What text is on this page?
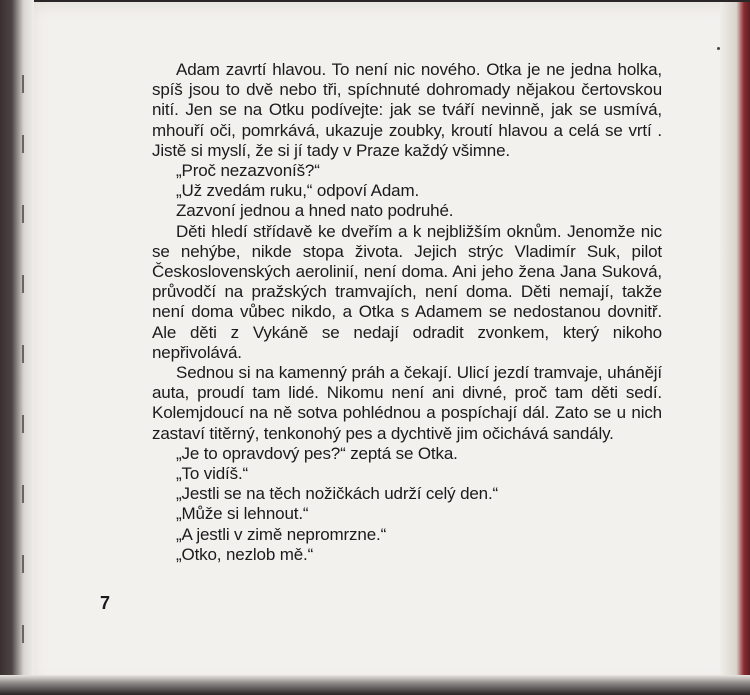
Adam zavrtí hlavou. To není nic nového. Otka je ne jedna holka, spíš jsou to dvě nebo tři, spíchnuté dohromady nějakou čertovskou nití. Jen se na Otku podívejte: jak se tváří nevinně, jak se usmívá, mhouří oči, pomrkává, ukazuje zoubky, kroutí hlavou a celá se vrtí . Jistě si myslí, že si jí tady v Praze každý všimne.

„Proč nezazvoníš?“

„Už zvedám ruku,“ odpoví Adam.

Zazvoní jednou a hned nato podruhé.

Děti hledí střídavě ke dveřím a k nejbližším oknům. Jenomže nic se nehýbe, nikde stopa života. Jejich strýc Vladimír Suk, pilot Československých aerolinií, není doma. Ani jeho žena Jana Suková, průvodčí na pražských tramvajích, není doma. Děti nemají, takže není doma vůbec nikdo, a Otka s Adamem se nedostanou dovnitř. Ale děti z Vykáně se nedají odradit zvonkem, který nikoho nepřivolává.

Sednou si na kamenný práh a čekají. Ulicí jezdí tramvaje, uhánějí auta, proudí tam lidé. Nikomu není ani divné, proč tam děti sedí. Kolemjdoucí na ně sotva pohlédnou a pospíchají dál. Zato se u nich zastaví titěrný, tenkonohý pes a dychtivě jim očichává sandály.

„Je to opravdový pes?“ zeptá se Otka.

„To vidíš.“

„Jestli se na těch nožičkách udrží celý den.“

„Může si lehnout.“

„A jestli v zimě nepromrzne.“

„Otko, nezlob mě.“

7
